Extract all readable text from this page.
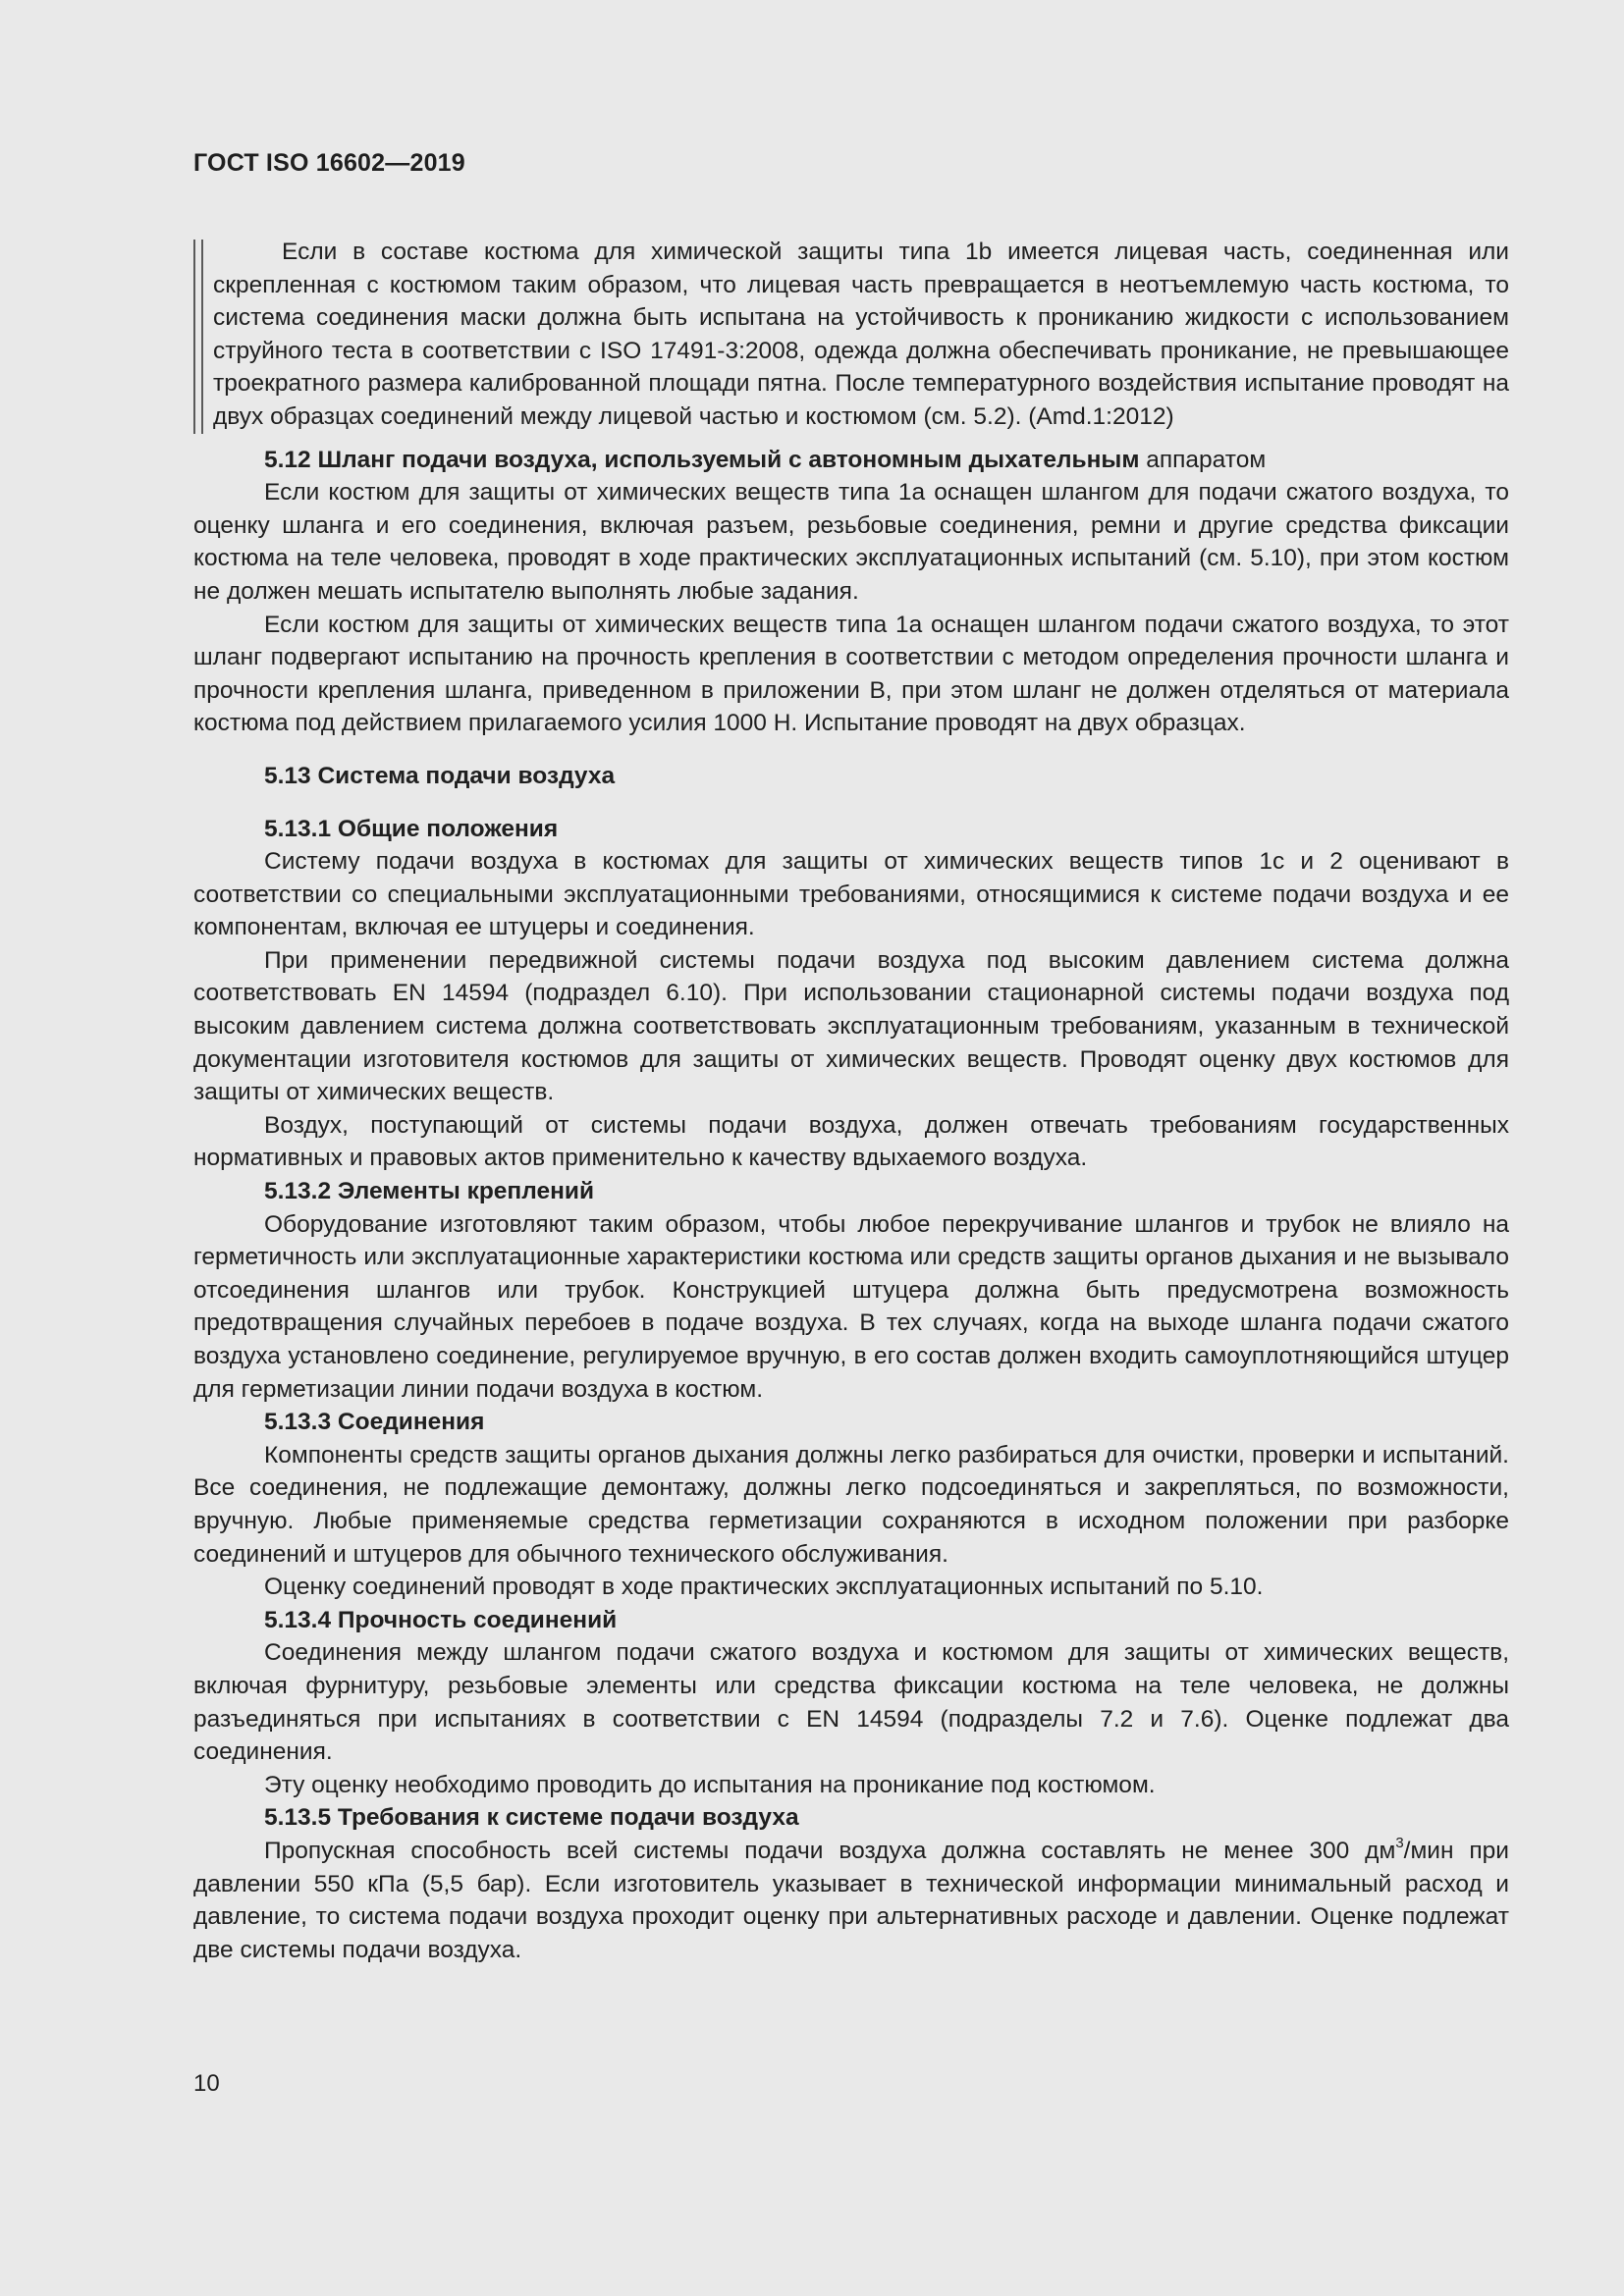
ГОСТ ISO 16602—2019

Если в составе костюма для химической защиты типа 1b имеется лицевая часть, соединенная или скрепленная с костюмом таким образом, что лицевая часть превращается в неотъемлемую часть костюма, то система соединения маски должна быть испытана на устойчивость к прониканию жидкости с использованием струйного теста в соответствии с ISO 17491-3:2008, одежда должна обеспечивать проникание, не превышающее троекратного размера калиброванной площади пятна. После температурного воздействия испытание проводят на двух образцах соединений между лицевой частью и костюмом (см. 5.2). (Amd.1:2012)

5.12 Шланг подачи воздуха, используемый с автономным дыхательным аппаратом

Если костюм для защиты от химических веществ типа 1a оснащен шлангом для подачи сжатого воздуха, то оценку шланга и его соединения, включая разъем, резьбовые соединения, ремни и другие средства фиксации костюма на теле человека, проводят в ходе практических эксплуатационных испытаний (см. 5.10), при этом костюм не должен мешать испытателю выполнять любые задания.

Если костюм для защиты от химических веществ типа 1a оснащен шлангом подачи сжатого воздуха, то этот шланг подвергают испытанию на прочность крепления в соответствии с методом определения прочности шланга и прочности крепления шланга, приведенном в приложении В, при этом шланг не должен отделяться от материала костюма под действием прилагаемого усилия 1000 Н. Испытание проводят на двух образцах.

5.13 Система подачи воздуха

5.13.1 Общие положения

Систему подачи воздуха в костюмах для защиты от химических веществ типов 1c и 2 оценивают в соответствии со специальными эксплуатационными требованиями, относящимися к системе подачи воздуха и ее компонентам, включая ее штуцеры и соединения.

При применении передвижной системы подачи воздуха под высоким давлением система должна соответствовать EN 14594 (подраздел 6.10). При использовании стационарной системы подачи воздуха под высоким давлением система должна соответствовать эксплуатационным требованиям, указанным в технической документации изготовителя костюмов для защиты от химических веществ. Проводят оценку двух костюмов для защиты от химических веществ.

Воздух, поступающий от системы подачи воздуха, должен отвечать требованиям государственных нормативных и правовых актов применительно к качеству вдыхаемого воздуха.

5.13.2 Элементы креплений

Оборудование изготовляют таким образом, чтобы любое перекручивание шлангов и трубок не влияло на герметичность или эксплуатационные характеристики костюма или средств защиты органов дыхания и не вызывало отсоединения шлангов или трубок. Конструкцией штуцера должна быть предусмотрена возможность предотвращения случайных перебоев в подаче воздуха. В тех случаях, когда на выходе шланга подачи сжатого воздуха установлено соединение, регулируемое вручную, в его состав должен входить самоуплотняющийся штуцер для герметизации линии подачи воздуха в костюм.

5.13.3 Соединения

Компоненты средств защиты органов дыхания должны легко разбираться для очистки, проверки и испытаний. Все соединения, не подлежащие демонтажу, должны легко подсоединяться и закрепляться, по возможности, вручную. Любые применяемые средства герметизации сохраняются в исходном положении при разборке соединений и штуцеров для обычного технического обслуживания.

Оценку соединений проводят в ходе практических эксплуатационных испытаний по 5.10.

5.13.4 Прочность соединений

Соединения между шлангом подачи сжатого воздуха и костюмом для защиты от химических веществ, включая фурнитуру, резьбовые элементы или средства фиксации костюма на теле человека, не должны разъединяться при испытаниях в соответствии с EN 14594 (подразделы 7.2 и 7.6). Оценке подлежат два соединения.

Эту оценку необходимо проводить до испытания на проникание под костюмом.

5.13.5 Требования к системе подачи воздуха

Пропускная способность всей системы подачи воздуха должна составлять не менее 300 $дм^3$/мин при давлении 550 кПа (5,5 бар). Если изготовитель указывает в технической информации минимальный расход и давление, то система подачи воздуха проходит оценку при альтернативных расходе и давлении. Оценке подлежат две системы подачи воздуха.

10
